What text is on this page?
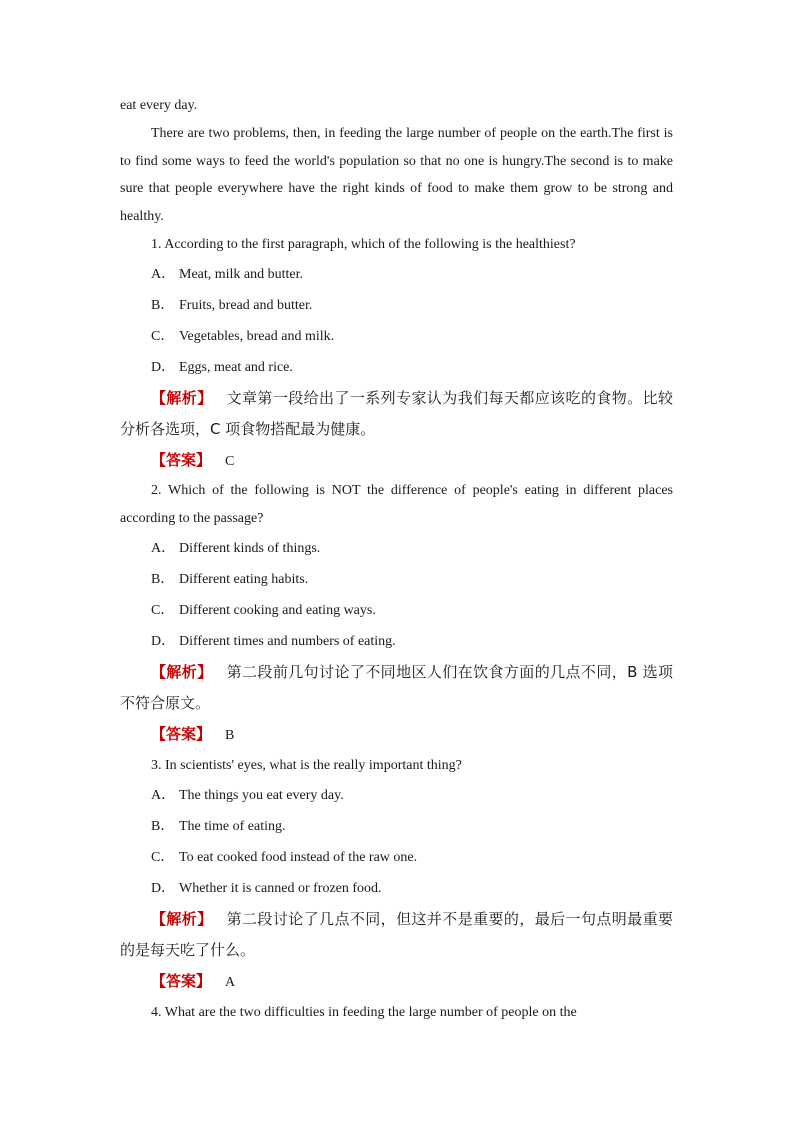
eat every day.

There are two problems, then, in feeding the large number of people on the earth.The first is to find some ways to feed the world's population so that no one is hungry.The second is to make sure that people everywhere have the right kinds of food to make them grow to be strong and healthy.

1. According to the first paragraph, which of the following is the healthiest?

A． Meat, milk and butter.

B． Fruits, bread and butter.

C． Vegetables, bread and milk.

D． Eggs, meat and rice.

【解析】 文章第一段给出了一系列专家认为我们每天都应该吃的食物。比较分析各选项，C 项食物搭配最为健康。

【答案】 C

2. Which of the following is NOT the difference of people's eating in different places according to the passage?

A． Different kinds of things.

B． Different eating habits.

C． Different cooking and eating ways.

D． Different times and numbers of eating.

【解析】 第二段前几句讨论了不同地区人们在饮食方面的几点不同，B 选项不符合原文。

【答案】 B

3. In scientists' eyes, what is the really important thing?

A． The things you eat every day.

B． The time of eating.

C． To eat cooked food instead of the raw one.

D． Whether it is canned or frozen food.

【解析】 第二段讨论了几点不同，但这并不是重要的，最后一句点明最重要的是每天吃了什么。

【答案】 A

4. What are the two difficulties in feeding the large number of people on the
